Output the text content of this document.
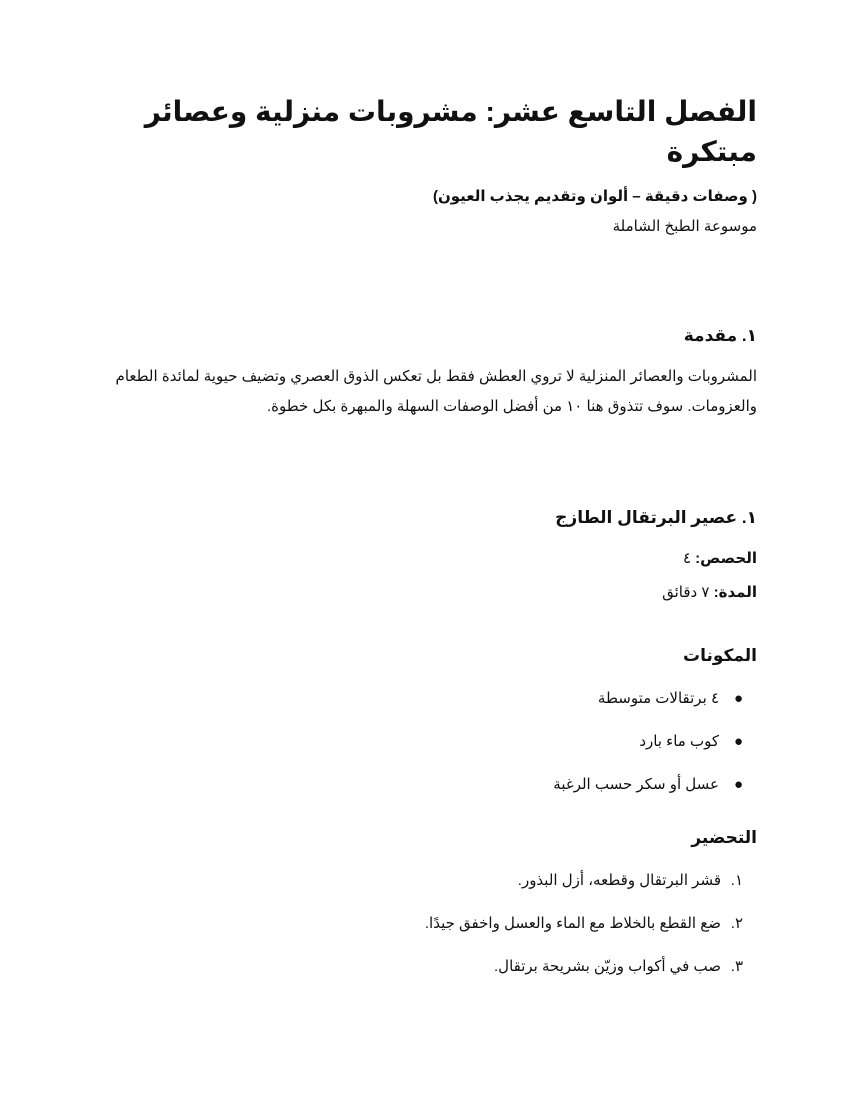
الفصل التاسع عشر: مشروبات منزلية وعصائر مبتكرة

( وصفات دقيقة – ألوان وتقديم يجذب العيون)

موسوعة الطبخ الشاملة

١. مقدمة

المشروبات والعصائر المنزلية لا تروي العطش فقط بل تعكس الذوق العصري وتضيف حيوية لمائدة الطعام والعزومات. سوف تتذوق هنا ١٠ من أفضل الوصفات السهلة والمبهرة بكل خطوة.

١. عصير البرتقال الطازج

الحصص: ٤

المدة: ٧ دقائق

المكونات
●
٤ برتقالات متوسطة
●
كوب ماء بارد
●
عسل أو سكر حسب الرغبة
التحضير
١.
قشر البرتقال وقطعه، أزل البذور.
٢.
ضع القطع بالخلاط مع الماء والعسل واخفق جيدًا.
٣.
صب في أكواب وزيّن بشريحة برتقال.
